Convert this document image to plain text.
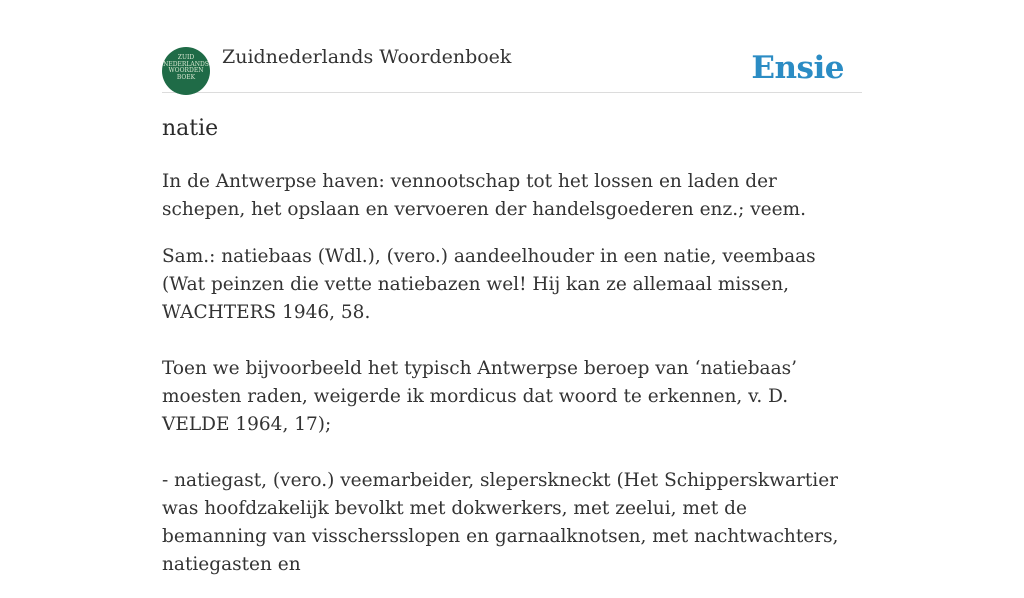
ZUID
NEDERLANDS
WOORDEN
BOEK
Zuidnederlands Woordenboek	Ensie
natie

In de Antwerpse haven: vennootschap tot het lossen en laden der schepen, het opslaan en vervoeren der handelsgoederen enz.; veem.

Sam.: natiebaas (Wdl.), (vero.) aandeelhouder in een natie, veembaas (Wat peinzen die vette natiebazen wel! Hij kan ze allemaal missen, WACHTERS 1946, 58.

Toen we bijvoorbeeld het typisch Antwerpse beroep van ‘natiebaas’ moesten raden, weigerde ik mordicus dat woord te erkennen, v. D. VELDE 1964, 17);

- natiegast, (vero.) veemarbeider, sleperskneckt (Het Schipperskwartier was hoofdzakelijk bevolkt met dokwerkers, met zeelui, met de bemanning van visschersslopen en garnaalknotsen, met nachtwachters, natiegasten en
